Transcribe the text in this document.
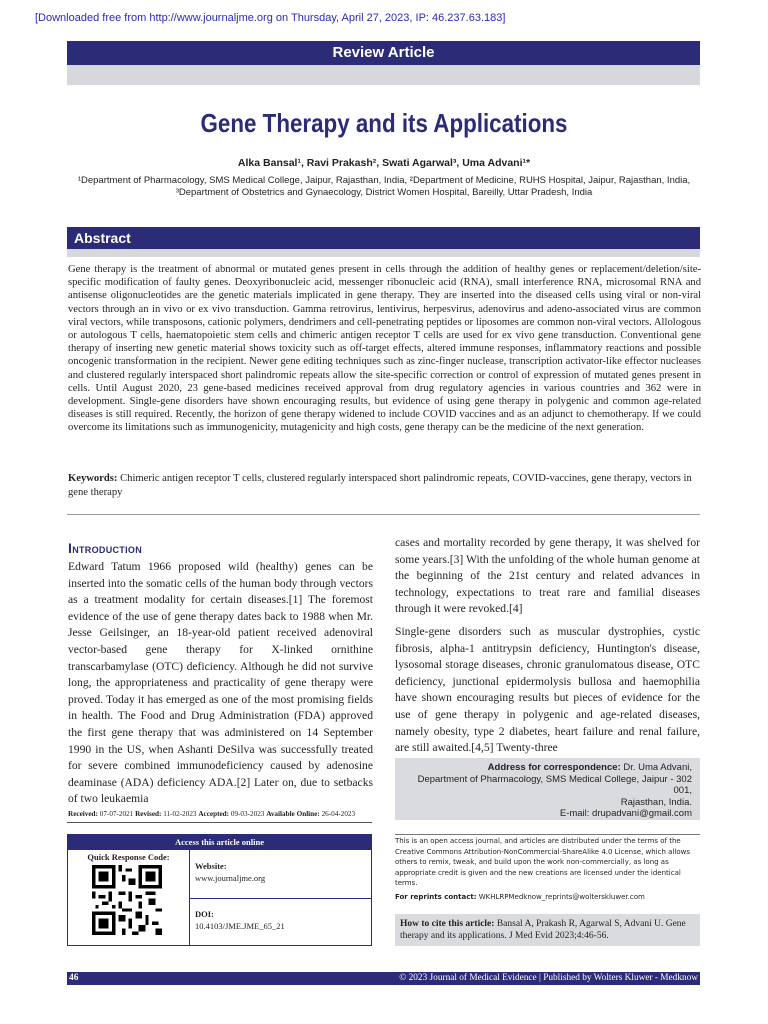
[Downloaded free from http://www.journaljme.org on Thursday, April 27, 2023, IP: 46.237.63.183]
Review Article
Gene Therapy and its Applications
Alka Bansal¹, Ravi Prakash², Swati Agarwal³, Uma Advani¹*
¹Department of Pharmacology, SMS Medical College, Jaipur, Rajasthan, India, ²Department of Medicine, RUHS Hospital, Jaipur, Rajasthan, India,
³Department of Obstetrics and Gynaecology, District Women Hospital, Bareilly, Uttar Pradesh, India
Abstract
Gene therapy is the treatment of abnormal or mutated genes present in cells through the addition of healthy genes or replacement/deletion/site-specific modification of faulty genes. Deoxyribonucleic acid, messenger ribonucleic acid (RNA), small interference RNA, microsomal RNA and antisense oligonucleotides are the genetic materials implicated in gene therapy. They are inserted into the diseased cells using viral or non-viral vectors through an in vivo or ex vivo transduction. Gamma retrovirus, lentivirus, herpesvirus, adenovirus and adeno-associated virus are common viral vectors, while transposons, cationic polymers, dendrimers and cell-penetrating peptides or liposomes are common non-viral vectors. Allologous or autologous T cells, haematopoietic stem cells and chimeric antigen receptor T cells are used for ex vivo gene transduction. Conventional gene therapy of inserting new genetic material shows toxicity such as off-target effects, altered immune responses, inflammatory reactions and possible oncogenic transformation in the recipient. Newer gene editing techniques such as zinc-finger nuclease, transcription activator-like effector nucleases and clustered regularly interspaced short palindromic repeats allow the site-specific correction or control of expression of mutated genes present in cells. Until August 2020, 23 gene-based medicines received approval from drug regulatory agencies in various countries and 362 were in development. Single-gene disorders have shown encouraging results, but evidence of using gene therapy in polygenic and common age-related diseases is still required. Recently, the horizon of gene therapy widened to include COVID vaccines and as an adjunct to chemotherapy. If we could overcome its limitations such as immunogenicity, mutagenicity and high costs, gene therapy can be the medicine of the next generation.
Keywords: Chimeric antigen receptor T cells, clustered regularly interspaced short palindromic repeats, COVID-vaccines, gene therapy, vectors in gene therapy
Introduction

Edward Tatum 1966 proposed wild (healthy) genes can be inserted into the somatic cells of the human body through vectors as a treatment modality for certain diseases.[1] The foremost evidence of the use of gene therapy dates back to 1988 when Mr. Jesse Geilsinger, an 18-year-old patient received adenoviral vector-based gene therapy for X-linked ornithine transcarbamylase (OTC) deficiency. Although he did not survive long, the appropriateness and practicality of gene therapy were proved. Today it has emerged as one of the most promising fields in health. The Food and Drug Administration (FDA) approved the first gene therapy that was administered on 14 September 1990 in the US, when Ashanti DeSilva was successfully treated for severe combined immunodeficiency caused by adenosine deaminase (ADA) deficiency ADA.[2] Later on, due to setbacks of two leukaemia

cases and mortality recorded by gene therapy, it was shelved for some years.[3] With the unfolding of the whole human genome at the beginning of the 21st century and related advances in technology, expectations to treat rare and familial diseases through it were revoked.[4]

Single-gene disorders such as muscular dystrophies, cystic fibrosis, alpha-1 antitrypsin deficiency, Huntington's disease, lysosomal storage diseases, chronic granulomatous disease, OTC deficiency, junctional epidermolysis bullosa and haemophilia have shown encouraging results but pieces of evidence for the use of gene therapy in polygenic and age-related diseases, namely obesity, type 2 diabetes, heart failure and renal failure, are still awaited.[4,5] Twenty-three

Address for correspondence: Dr. Uma Advani,
Department of Pharmacology, SMS Medical College, Jaipur - 302 001,
Rajasthan, India.
E-mail: drupadvani@gmail.com
Received: 07-07-2021 Revised: 11-02-2023 Accepted: 09-03-2023 Available Online: 26-04-2023
Access this article online
Quick Response Code:
Website:
www.journaljme.org
DOI:
10.4103/JME.JME_65_21
This is an open access journal, and articles are distributed under the terms of the Creative Commons Attribution-NonCommercial-ShareAlike 4.0 License, which allows others to remix, tweak, and build upon the work non-commercially, as long as appropriate credit is given and the new creations are licensed under the identical terms.
For reprints contact: WKHLRPMedknow_reprints@wolterskluwer.com
How to cite this article: Bansal A, Prakash R, Agarwal S, Advani U. Gene therapy and its applications. J Med Evid 2023;4:46-56.
46	© 2023 Journal of Medical Evidence | Published by Wolters Kluwer - Medknow
